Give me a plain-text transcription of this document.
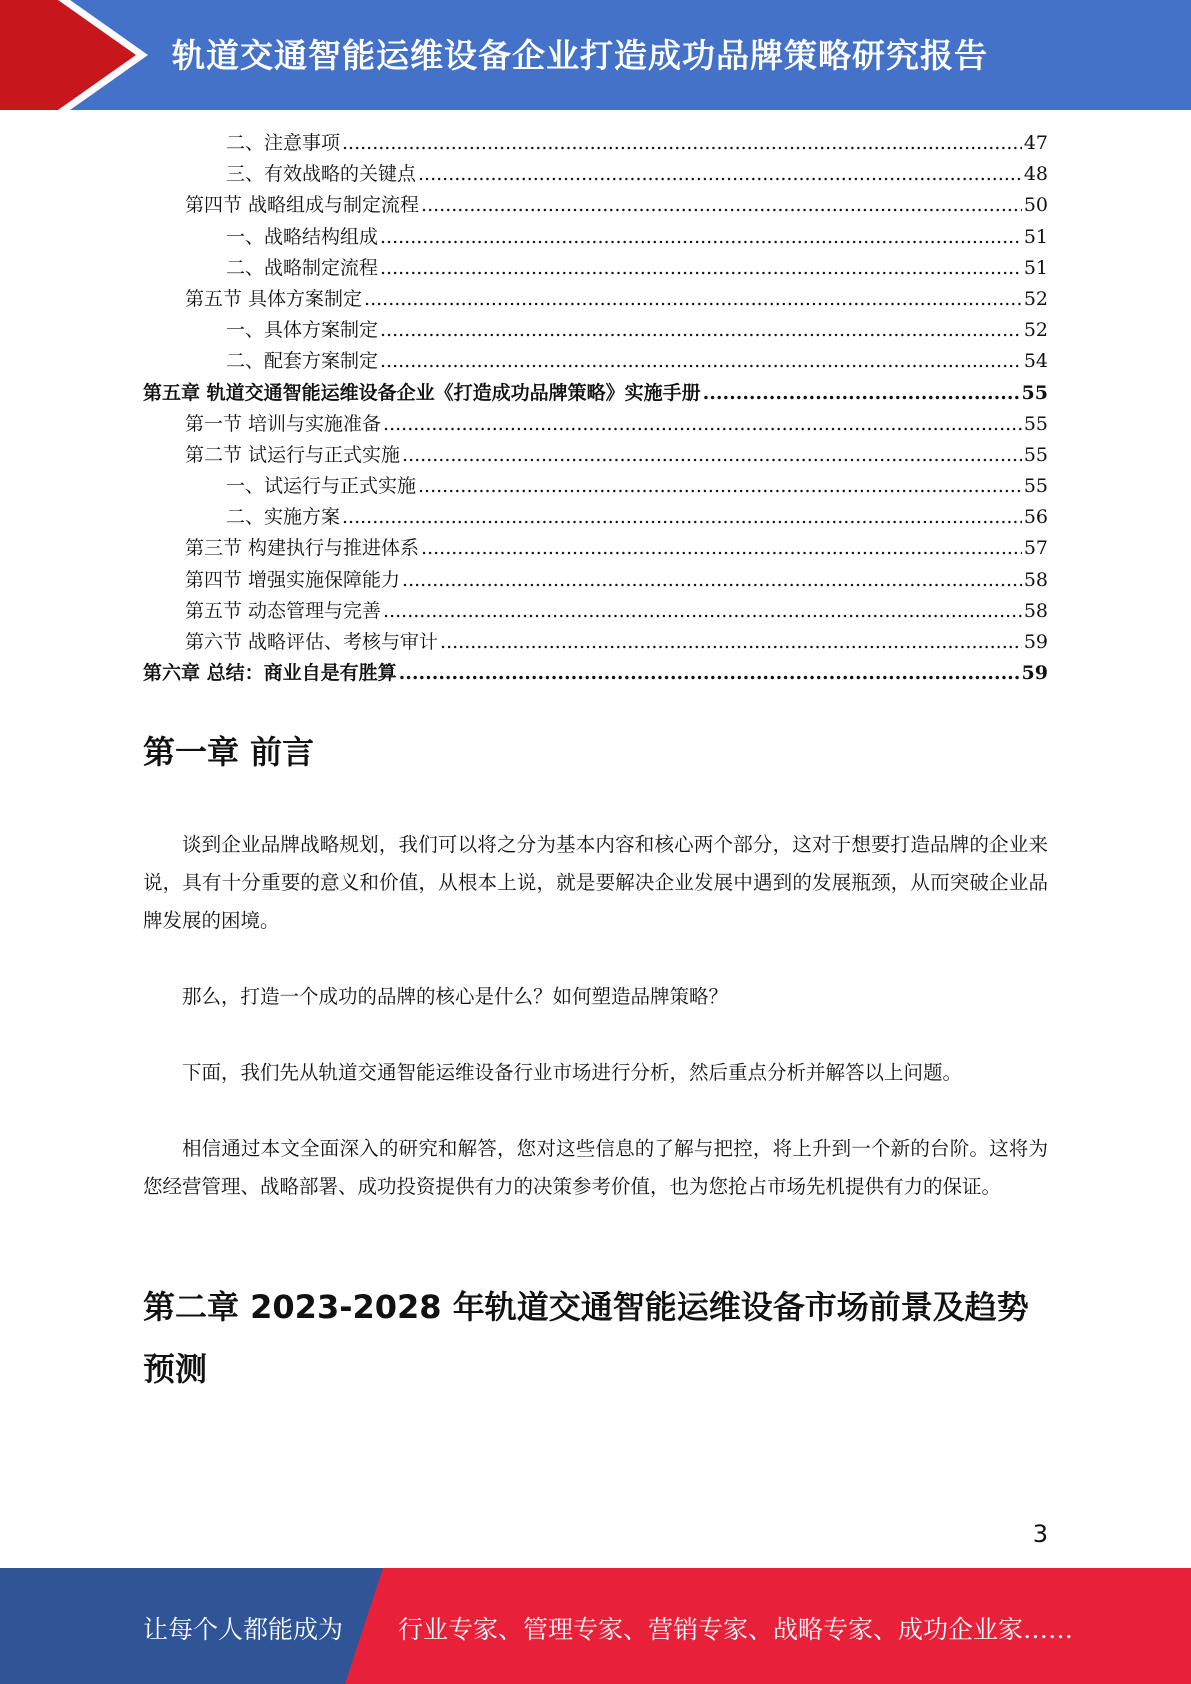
轨道交通智能运维设备企业打造成功品牌策略研究报告
二、注意事项 .....	47
三、有效战略的关键点 .....	48
第四节 战略组成与制定流程 .....	50
一、战略结构组成 .....	51
二、战略制定流程 .....	51
第五节 具体方案制定 .....	52
一、具体方案制定 .....	52
二、配套方案制定 .....	54
第五章 轨道交通智能运维设备企业《打造成功品牌策略》实施手册 .....	55
第一节 培训与实施准备 .....	55
第二节 试运行与正式实施 .....	55
一、试运行与正式实施 .....	55
二、实施方案 .....	56
第三节 构建执行与推进体系 .....	57
第四节 增强实施保障能力 .....	58
第五节 动态管理与完善 .....	58
第六节 战略评估、考核与审计 .....	59
第六章 总结：商业自是有胜算 .....	59
第一章 前言
谈到企业品牌战略规划，我们可以将之分为基本内容和核心两个部分，这对于想要打造品牌的企业来说，具有十分重要的意义和价值，从根本上说，就是要解决企业发展中遇到的发展瓶颈，从而突破企业品牌发展的困境。
那么，打造一个成功的品牌的核心是什么？如何塑造品牌策略？
下面，我们先从轨道交通智能运维设备行业市场进行分析，然后重点分析并解答以上问题。
相信通过本文全面深入的研究和解答，您对这些信息的了解与把控，将上升到一个新的台阶。这将为您经营管理、战略部署、成功投资提供有力的决策参考价值，也为您抢占市场先机提供有力的保证。
第二章 2023-2028 年轨道交通智能运维设备市场前景及趋势预测
3
让每个人都能成为 行业专家、管理专家、营销专家、战略专家、成功企业家……
